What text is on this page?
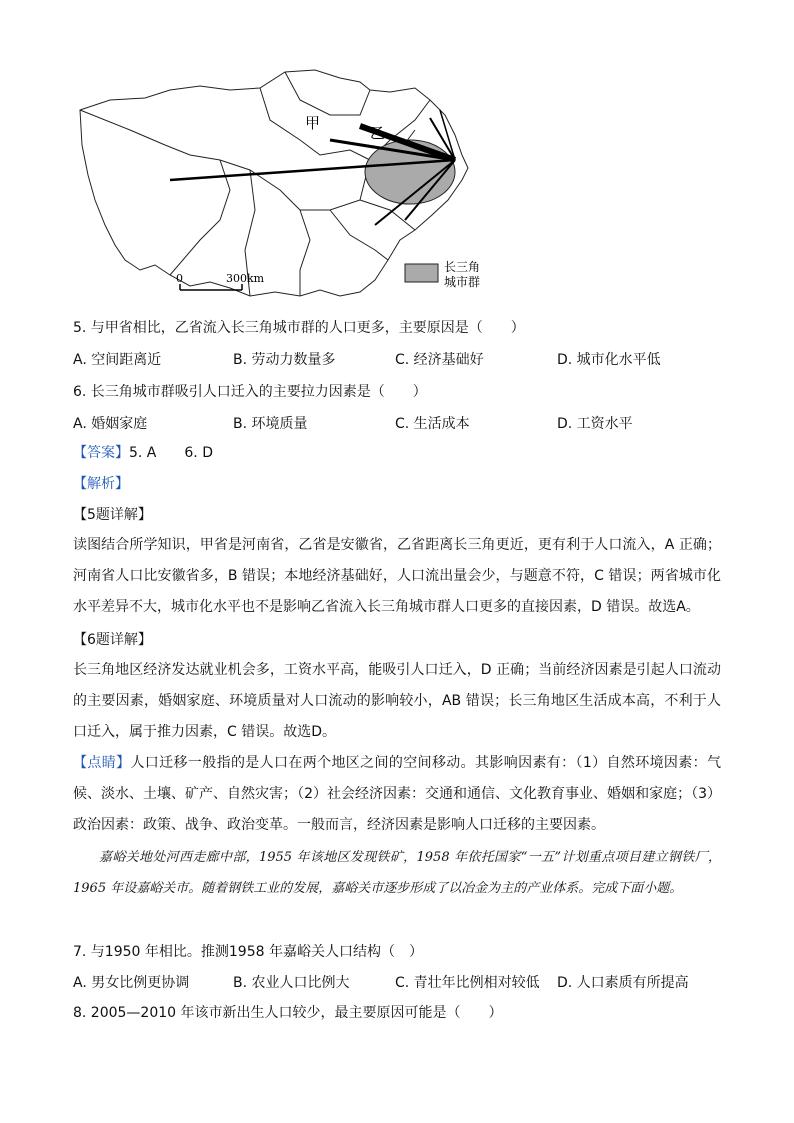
甲
乙
0	300km
长三角
城市群
5. 与甲省相比，乙省流入长三角城市群的人口更多，主要原因是（　　）
A. 空间距离近	B. 劳动力数量多	C. 经济基础好	D. 城市化水平低
6. 长三角城市群吸引人口迁入的主要拉力因素是（　　）
A. 婚姻家庭	B. 环境质量	C. 生活成本	D. 工资水平
【答案】5. A　　6. D
【解析】
【5题详解】
读图结合所学知识，甲省是河南省，乙省是安徽省，乙省距离长三角更近，更有利于人口流入，A 正确；河南省人口比安徽省多，B 错误；本地经济基础好，人口流出量会少，与题意不符，C 错误；两省城市化水平差异不大，城市化水平也不是影响乙省流入长三角城市群人口更多的直接因素，D 错误。故选A。
【6题详解】
长三角地区经济发达就业机会多，工资水平高，能吸引人口迁入，D 正确；当前经济因素是引起人口流动的主要因素，婚姻家庭、环境质量对人口流动的影响较小，AB 错误；长三角地区生活成本高，不利于人口迁入，属于推力因素，C 错误。故选D。
【点睛】人口迁移一般指的是人口在两个地区之间的空间移动。其影响因素有：（1）自然环境因素：气候、淡水、土壤、矿产、自然灾害；（2）社会经济因素：交通和通信、文化教育事业、婚姻和家庭；（3）政治因素：政策、战争、政治变革。一般而言，经济因素是影响人口迁移的主要因素。
嘉峪关地处河西走廊中部，1955 年该地区发现铁矿，1958 年依托国家“一五”计划重点项目建立钢铁厂，1965 年设嘉峪关市。随着钢铁工业的发展，嘉峪关市逐步形成了以冶金为主的产业体系。完成下面小题。
7. 与1950 年相比。推测1958 年嘉峪关人口结构（　）
A. 男女比例更协调	B. 农业人口比例大	C. 青壮年比例相对较低 D. 人口素质有所提高
8. 2005—2010 年该市新出生人口较少，最主要原因可能是（　　）
